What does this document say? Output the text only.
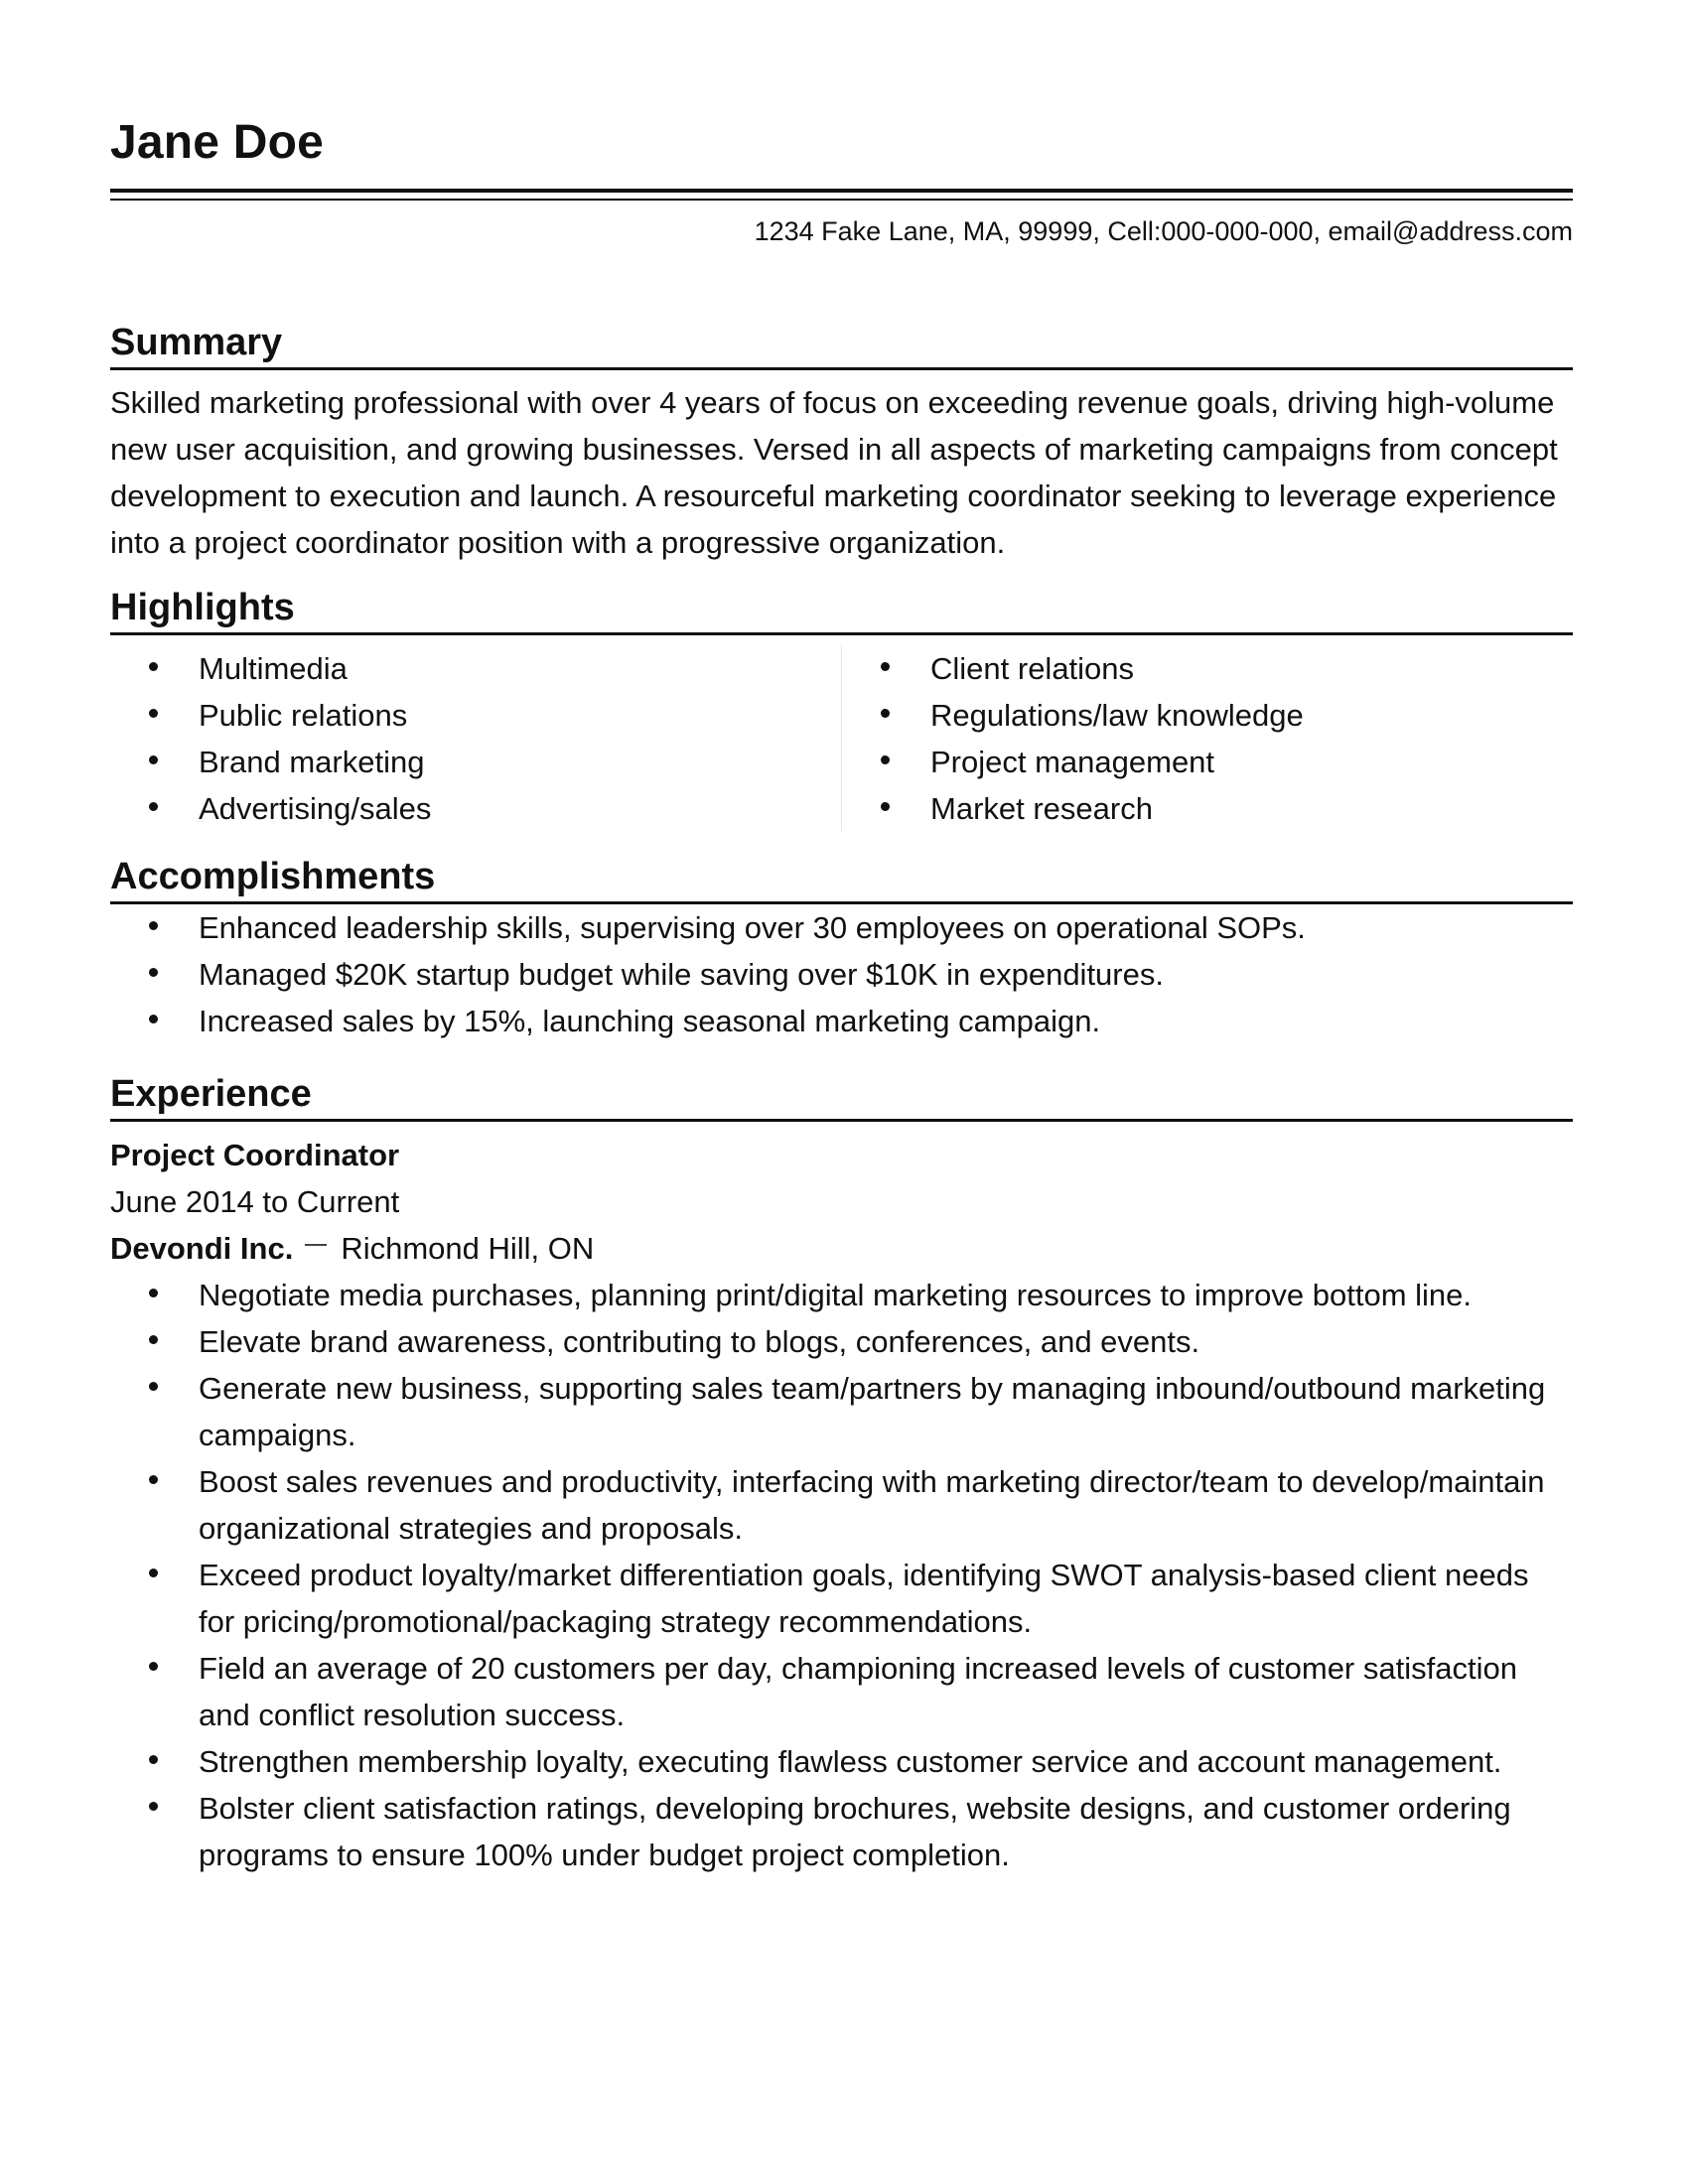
Jane Doe
1234 Fake Lane, MA, 99999, Cell:000-000-000, email@address.com
Summary

Skilled marketing professional with over 4 years of focus on exceeding revenue goals, driving high-volume new user acquisition, and growing businesses. Versed in all aspects of marketing campaigns from concept development to execution and launch. A resourceful marketing coordinator seeking to leverage experience into a project coordinator position with a progressive organization.

Highlights
Multimedia
Public relations
Brand marketing
Advertising/sales
Client relations
Regulations/law knowledge
Project management
Market research
Accomplishments
Enhanced leadership skills, supervising over 30 employees on operational SOPs.
Managed $20K startup budget while saving over $10K in expenditures.
Increased sales by 15%, launching seasonal marketing campaign.
Experience
Project Coordinator
June 2014 to Current
Devondi Inc. Richmond Hill, ON
Negotiate media purchases, planning print/digital marketing resources to improve bottom line.
Elevate brand awareness, contributing to blogs, conferences, and events.
Generate new business, supporting sales team/partners by managing inbound/outbound marketing campaigns.
Boost sales revenues and productivity, interfacing with marketing director/team to develop/maintain organizational strategies and proposals.
Exceed product loyalty/market differentiation goals, identifying SWOT analysis-based client needs for pricing/promotional/packaging strategy recommendations.
Field an average of 20 customers per day, championing increased levels of customer satisfaction and conflict resolution success.
Strengthen membership loyalty, executing flawless customer service and account management.
Bolster client satisfaction ratings, developing brochures, website designs, and customer ordering programs to ensure 100% under budget project completion.
